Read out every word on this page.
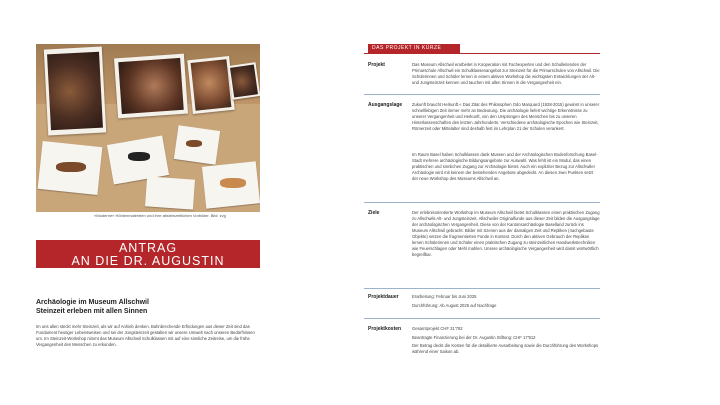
«Moderne» Höhlenmalereien und ihre altsteinzeitlichen Vorbilder. Bild: zvg
ANTRAG
AN DIE DR. AUGUSTIN STIFTUNG
Archäologie im Museum Allschwil
Steinzeit erleben mit allen Sinnen
Im uns allen steckt mehr Steinzeit, als wir auf Anhieb denken. Bahnbrechende Erfindungen aus dieser Zeit sind das Fundament heutiger Lebensweisen und sei der Jungsteinzeit gestalten wir unsere Umwelt nach unseren Bedürfnissen um. Im Steinzeit-Workshop nimmt das Museum Allschwil Schulklassen mit auf eine sinnliche Zeitreise, um die frühe Vergangenheit des Menschen zu erkunden.
DAS PROJEKT IN KÜRZE
Projekt	Das Museum Allschwil erarbeitet in Kooperation mit Fachexperten und den Schulleitenden der Primarschule Allschwil ein Schulklassenangebot zur Steinzeit für die Primarschulen von Allschwil. Die Schülerinnen und Schüler lernen in einem aktiven Workshop die wichtigsten Entwicklungen der Alt- und Jungsteinzeit kennen und tauchen mit allen Sinnen in die Vergangenheit ein.
Ausgangslage Zukunft braucht Herkunft.« Das Zitat des Philosophen Odo Marquard (1928-2015) gewinnt in unserer schnelllebigen Zeit immer mehr an Bedeutung. Die archäologie liefert wichtige Erkenntnisse zu unserer Vergangenheit und Herkunft, von den Ursprüngen des Menschen bis zu unseren Hinterlassenschaften des letzten Jahrhunderts. Verschiedene archäologische Epochen wie Steinzeit, Römerzeit oder Mittelalter sind deshalb fest im Lehrplan 21 der Schulen verankert.
Im Raum Basel haben Schulklassen dank Museen und der Archäologischen Bodenforschung Basel-Stadt mehrere archäologische Bildungsangebote zur Auswahl. Was fehlt ist ein Modul, das einen praktischen und sinnlichen Zugang zur Archäologie bietet. Auch ein expliziter Bezug zur Allschwiler Archäologie wird mit keinem der bestehenden Angebote abgedeckt. An diesen zwei Punkten setzt der neue Workshop des Museums Allschwil an.
Ziele	Der erlebnisorientierte Workshop im Museum Allschwil bietet Schulklassen einen praktischen Zugang zu Allschwils Alt- und Jungsteinzeit. Allschwiler Originalfunde aus dieser Zeit bilden die Ausgangslage der archäologischen Vergangenheit. Diese von der Kantonsarchäologie Baselland zurück ins Museum Allschwil gebracht. Bilder mit Szenen aus der damaligen Zeit und Repliken (nachgebaute Objekte) setzen die fragmentierten Funde in Kontext. Durch den aktiven Gebrauch der Repliken lernen Schülerinnen und Schüler einen praktischen Zugang zu steinzeitlichen Handwerkstechniken wie Feuerschlagen oder Mehl mahlen. Unsere archäologische Vergangenheit wird damit wortwörtlich begreifbar.
Projektdauer	Erarbeitung: Februar bis Juni 2025
Durchführung: Ab August 2025 auf Nachfrage
Projektkosten	Gesamtprojekt CHF 31'782
Beantragte Finanzierung bei der Dr. Augustin Stiftung: CHF 17'912
Der Betrag deckt die Kosten für die detaillierte Ausarbeitung sowie die Durchführung des Workshops während einer Saison ab.
